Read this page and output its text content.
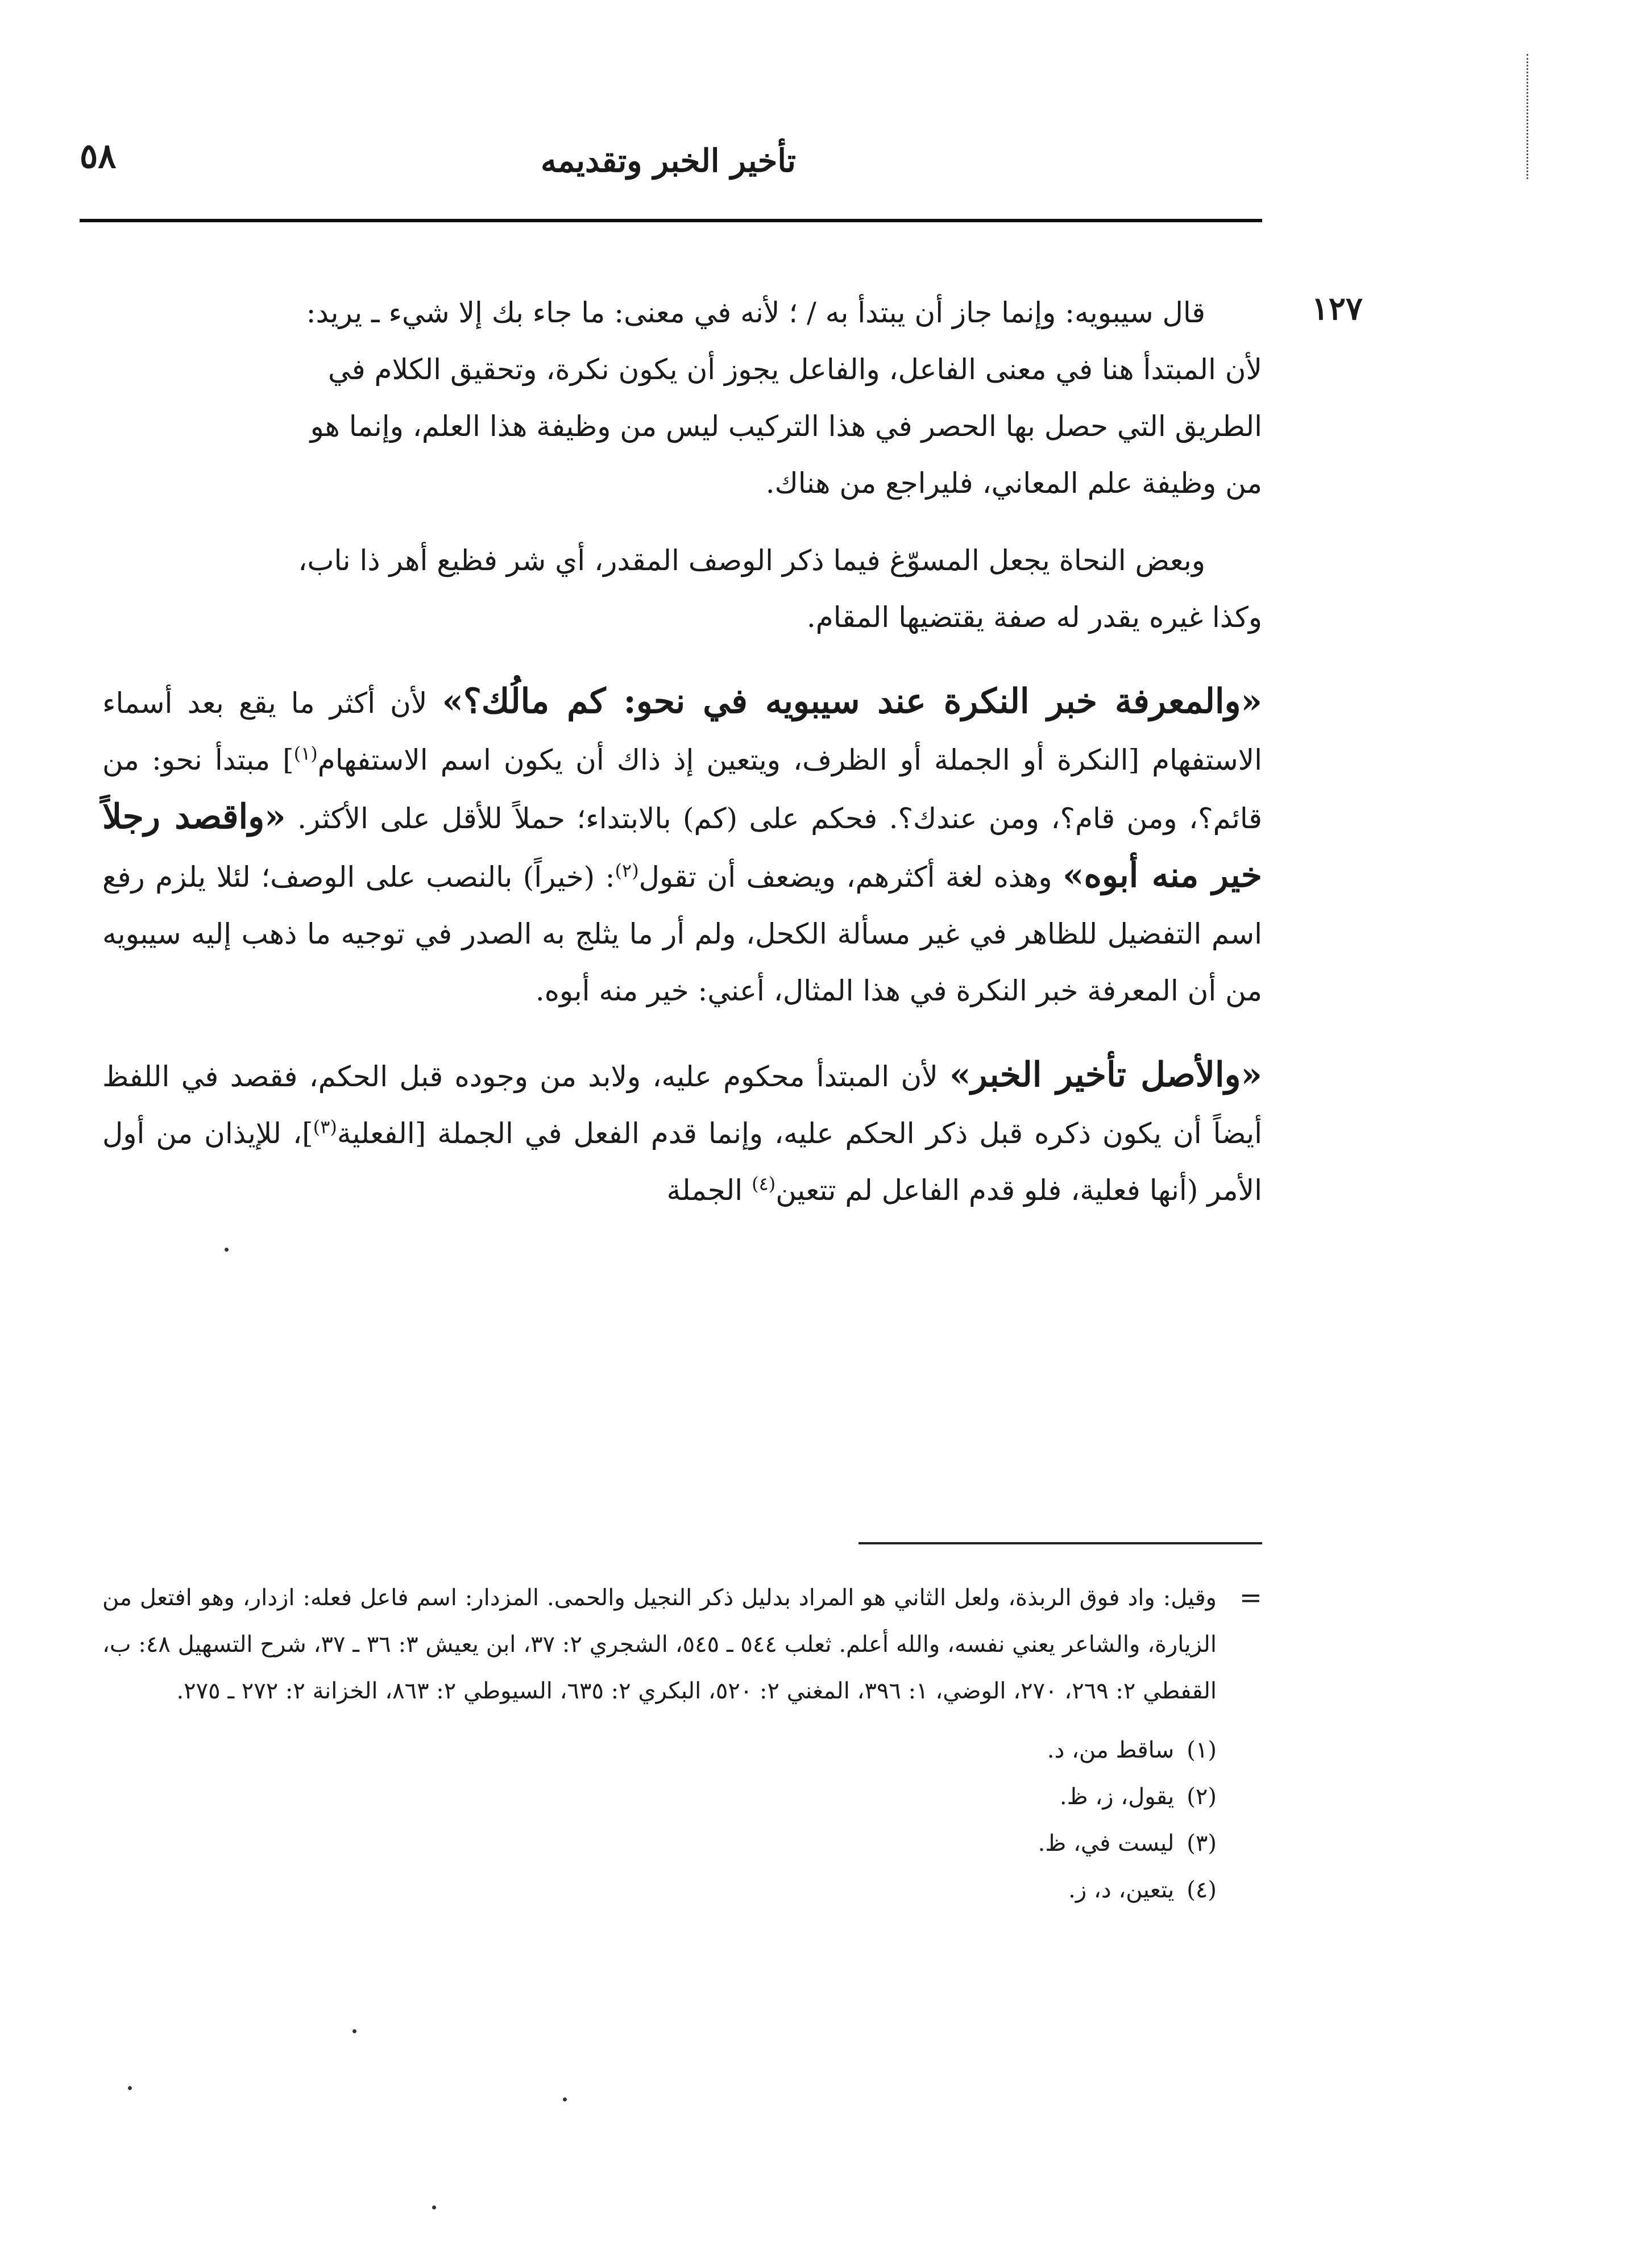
تأخير الخبر وتقديمه
٥٨
١٢٧

قال سيبويه: وإنما جاز أن يبتدأ به / ؛ لأنه في معنى: ما جاء بك إلا شيء ـ يريد:

لأن المبتدأ هنا في معنى الفاعل، والفاعل يجوز أن يكون نكرة، وتحقيق الكلام في

الطريق التي حصل بها الحصر في هذا التركيب ليس من وظيفة هذا العلم، وإنما هو

من وظيفة علم المعاني، فليراجع من هناك.

وبعض النحاة يجعل المسوّغ فيما ذكر الوصف المقدر، أي شر فظيع أهر ذا ناب،

وكذا غيره يقدر له صفة يقتضيها المقام.

«والمعرفة خبر النكرة عند سيبويه في نحو: كم مالُك؟» لأن أكثر ما يقع بعد أسماء الاستفهام [النكرة أو الجملة أو الظرف، ويتعين إذ ذاك أن يكون اسم الاستفهام$^{(١)}$] مبتدأ نحو: من قائم؟، ومن قام؟، ومن عندك؟. فحكم على (كم) بالابتداء؛ حملاً للأقل على الأكثر. «واقصد رجلاً خير منه أبوه» وهذه لغة أكثرهم، ويضعف أن تقول$^{(٢)}$: (خيراً) بالنصب على الوصف؛ لئلا يلزم رفع اسم التفضيل للظاهر في غير مسألة الكحل، ولم أر ما يثلج به الصدر في توجيه ما ذهب إليه سيبويه من أن المعرفة خبر النكرة في هذا المثال، أعني: خير منه أبوه.

«والأصل تأخير الخبر» لأن المبتدأ محكوم عليه، ولابد من وجوده قبل الحكم، فقصد في اللفظ أيضاً أن يكون ذكره قبل ذكر الحكم عليه، وإنما قدم الفعل في الجملة [الفعلية$^{(٣)}$]، للإيذان من أول الأمر (أنها فعلية، فلو قدم الفاعل لم تتعين$^{(٤)}$ الجملة

=
وقيل: واد فوق الربذة، ولعل الثاني هو المراد بدليل ذكر النجيل والحمى. المزدار: اسم فاعل فعله: ازدار، وهو افتعل من الزيارة، والشاعر يعني نفسه، والله أعلم. ثعلب ٥٤٤ ـ ٥٤٥، الشجري ٢: ٣٧، ابن يعيش ٣: ٣٦ ـ ٣٧، شرح التسهيل ٤٨: ب، القفطي ٢: ٢٦٩، ٢٧٠، الوضي، ١: ٣٩٦، المغني ٢: ٥٢٠، البكري ٢: ٦٣٥، السيوطي ٢: ٨٦٣، الخزانة ٢: ٢٧٢ ـ ٢٧٥.

(١)ساقط من، د.

(٢)يقول، ز، ظ.

(٣)ليست في، ظ.

(٤)يتعين، د، ز.
